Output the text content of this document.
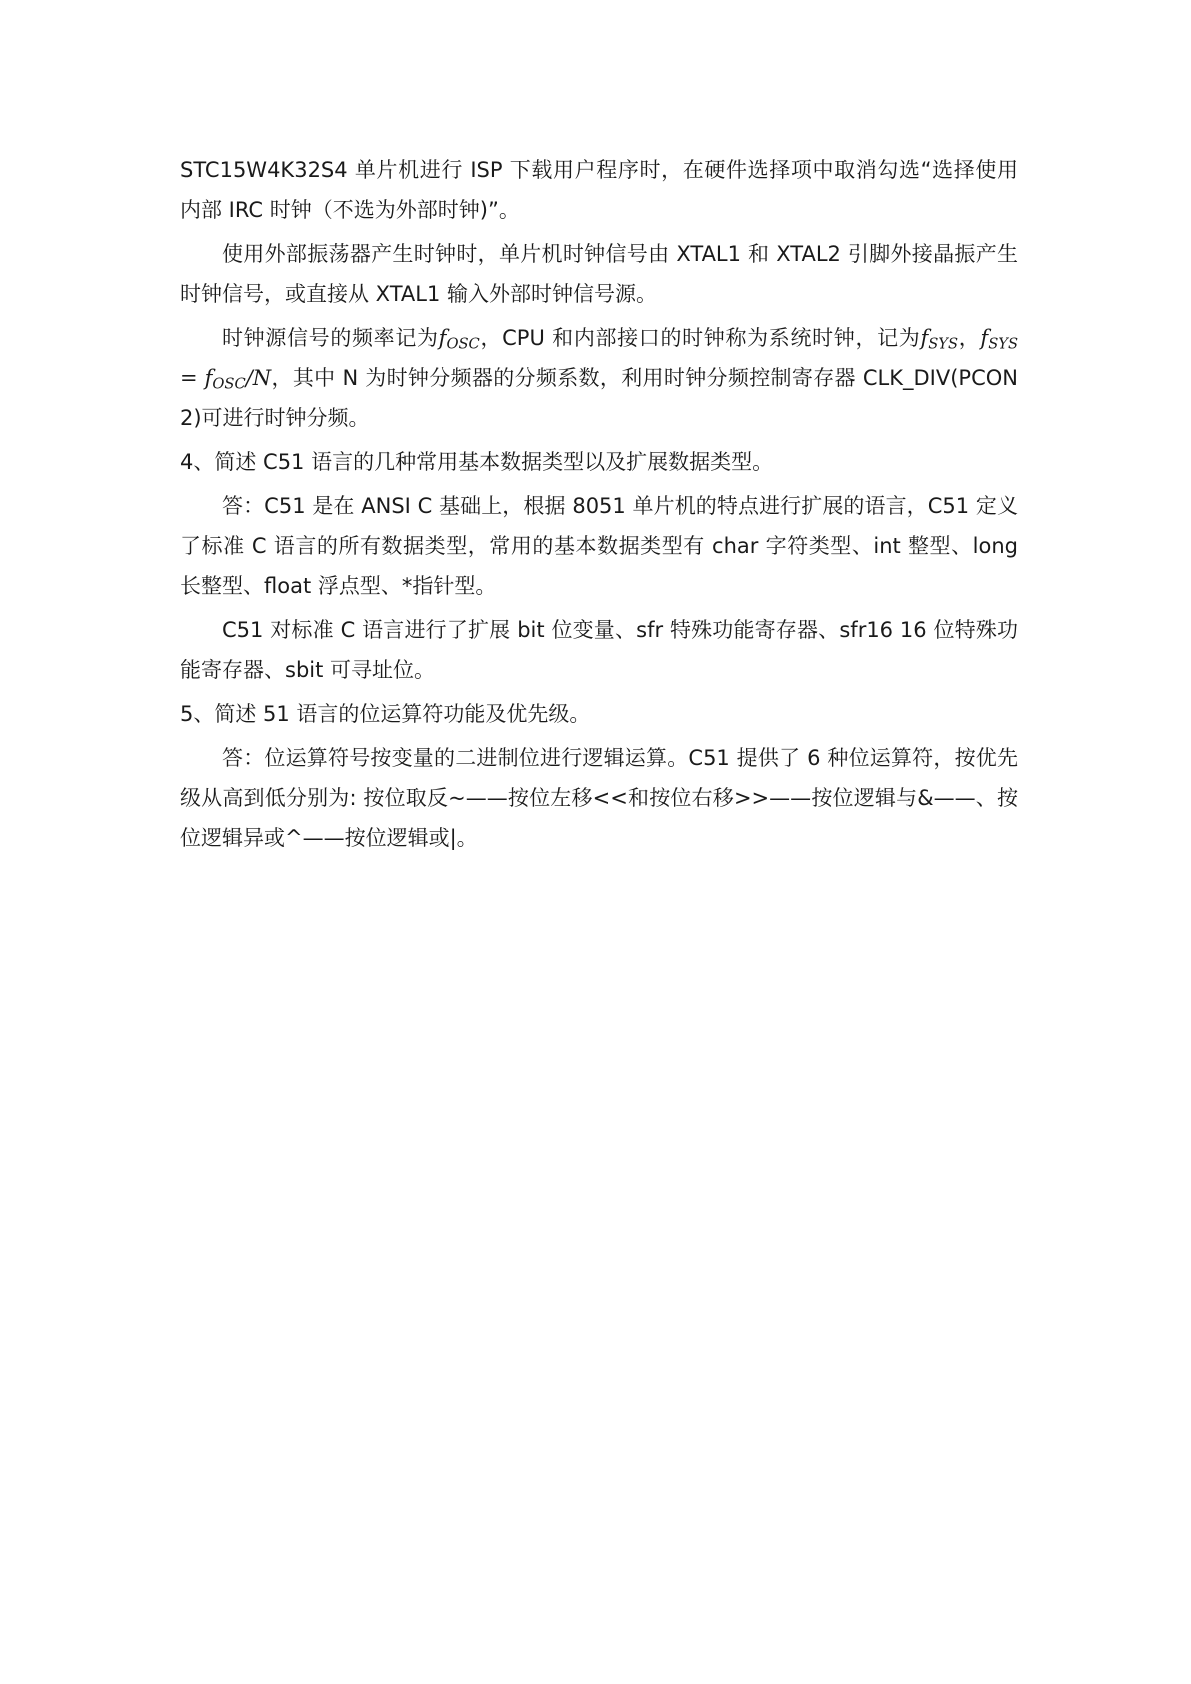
STC15W4K32S4 单片机进行 ISP 下载用户程序时，在硬件选择项中取消勾选“选择使用内部 IRC 时钟（不选为外部时钟)”。

使用外部振荡器产生时钟时，单片机时钟信号由 XTAL1 和 XTAL2 引脚外接晶振产生时钟信号，或直接从 XTAL1 输入外部时钟信号源。

时钟源信号的频率记为$f_{OSC}$，CPU 和内部接口的时钟称为系统时钟，记为$f_{SYS}$，$f_{SYS} = f_{OSC}/N$，其中 N 为时钟分频器的分频系数，利用时钟分频控制寄存器 CLK_DIV(PCON2)可进行时钟分频。

4、简述 C51 语言的几种常用基本数据类型以及扩展数据类型。

答：C51 是在 ANSI C 基础上，根据 8051 单片机的特点进行扩展的语言，C51 定义了标准 C 语言的所有数据类型，常用的基本数据类型有 char 字符类型、int 整型、long 长整型、float 浮点型、*指针型。

C51 对标准 C 语言进行了扩展 bit 位变量、sfr 特殊功能寄存器、sfr16 16 位特殊功能寄存器、sbit 可寻址位。

5、简述 51 语言的位运算符功能及优先级。

答：位运算符号按变量的二进制位进行逻辑运算。C51 提供了 6 种位运算符，按优先级从高到低分别为: 按位取反~——按位左移<<和按位右移>>——按位逻辑与&——、按位逻辑异或^——按位逻辑或|。
